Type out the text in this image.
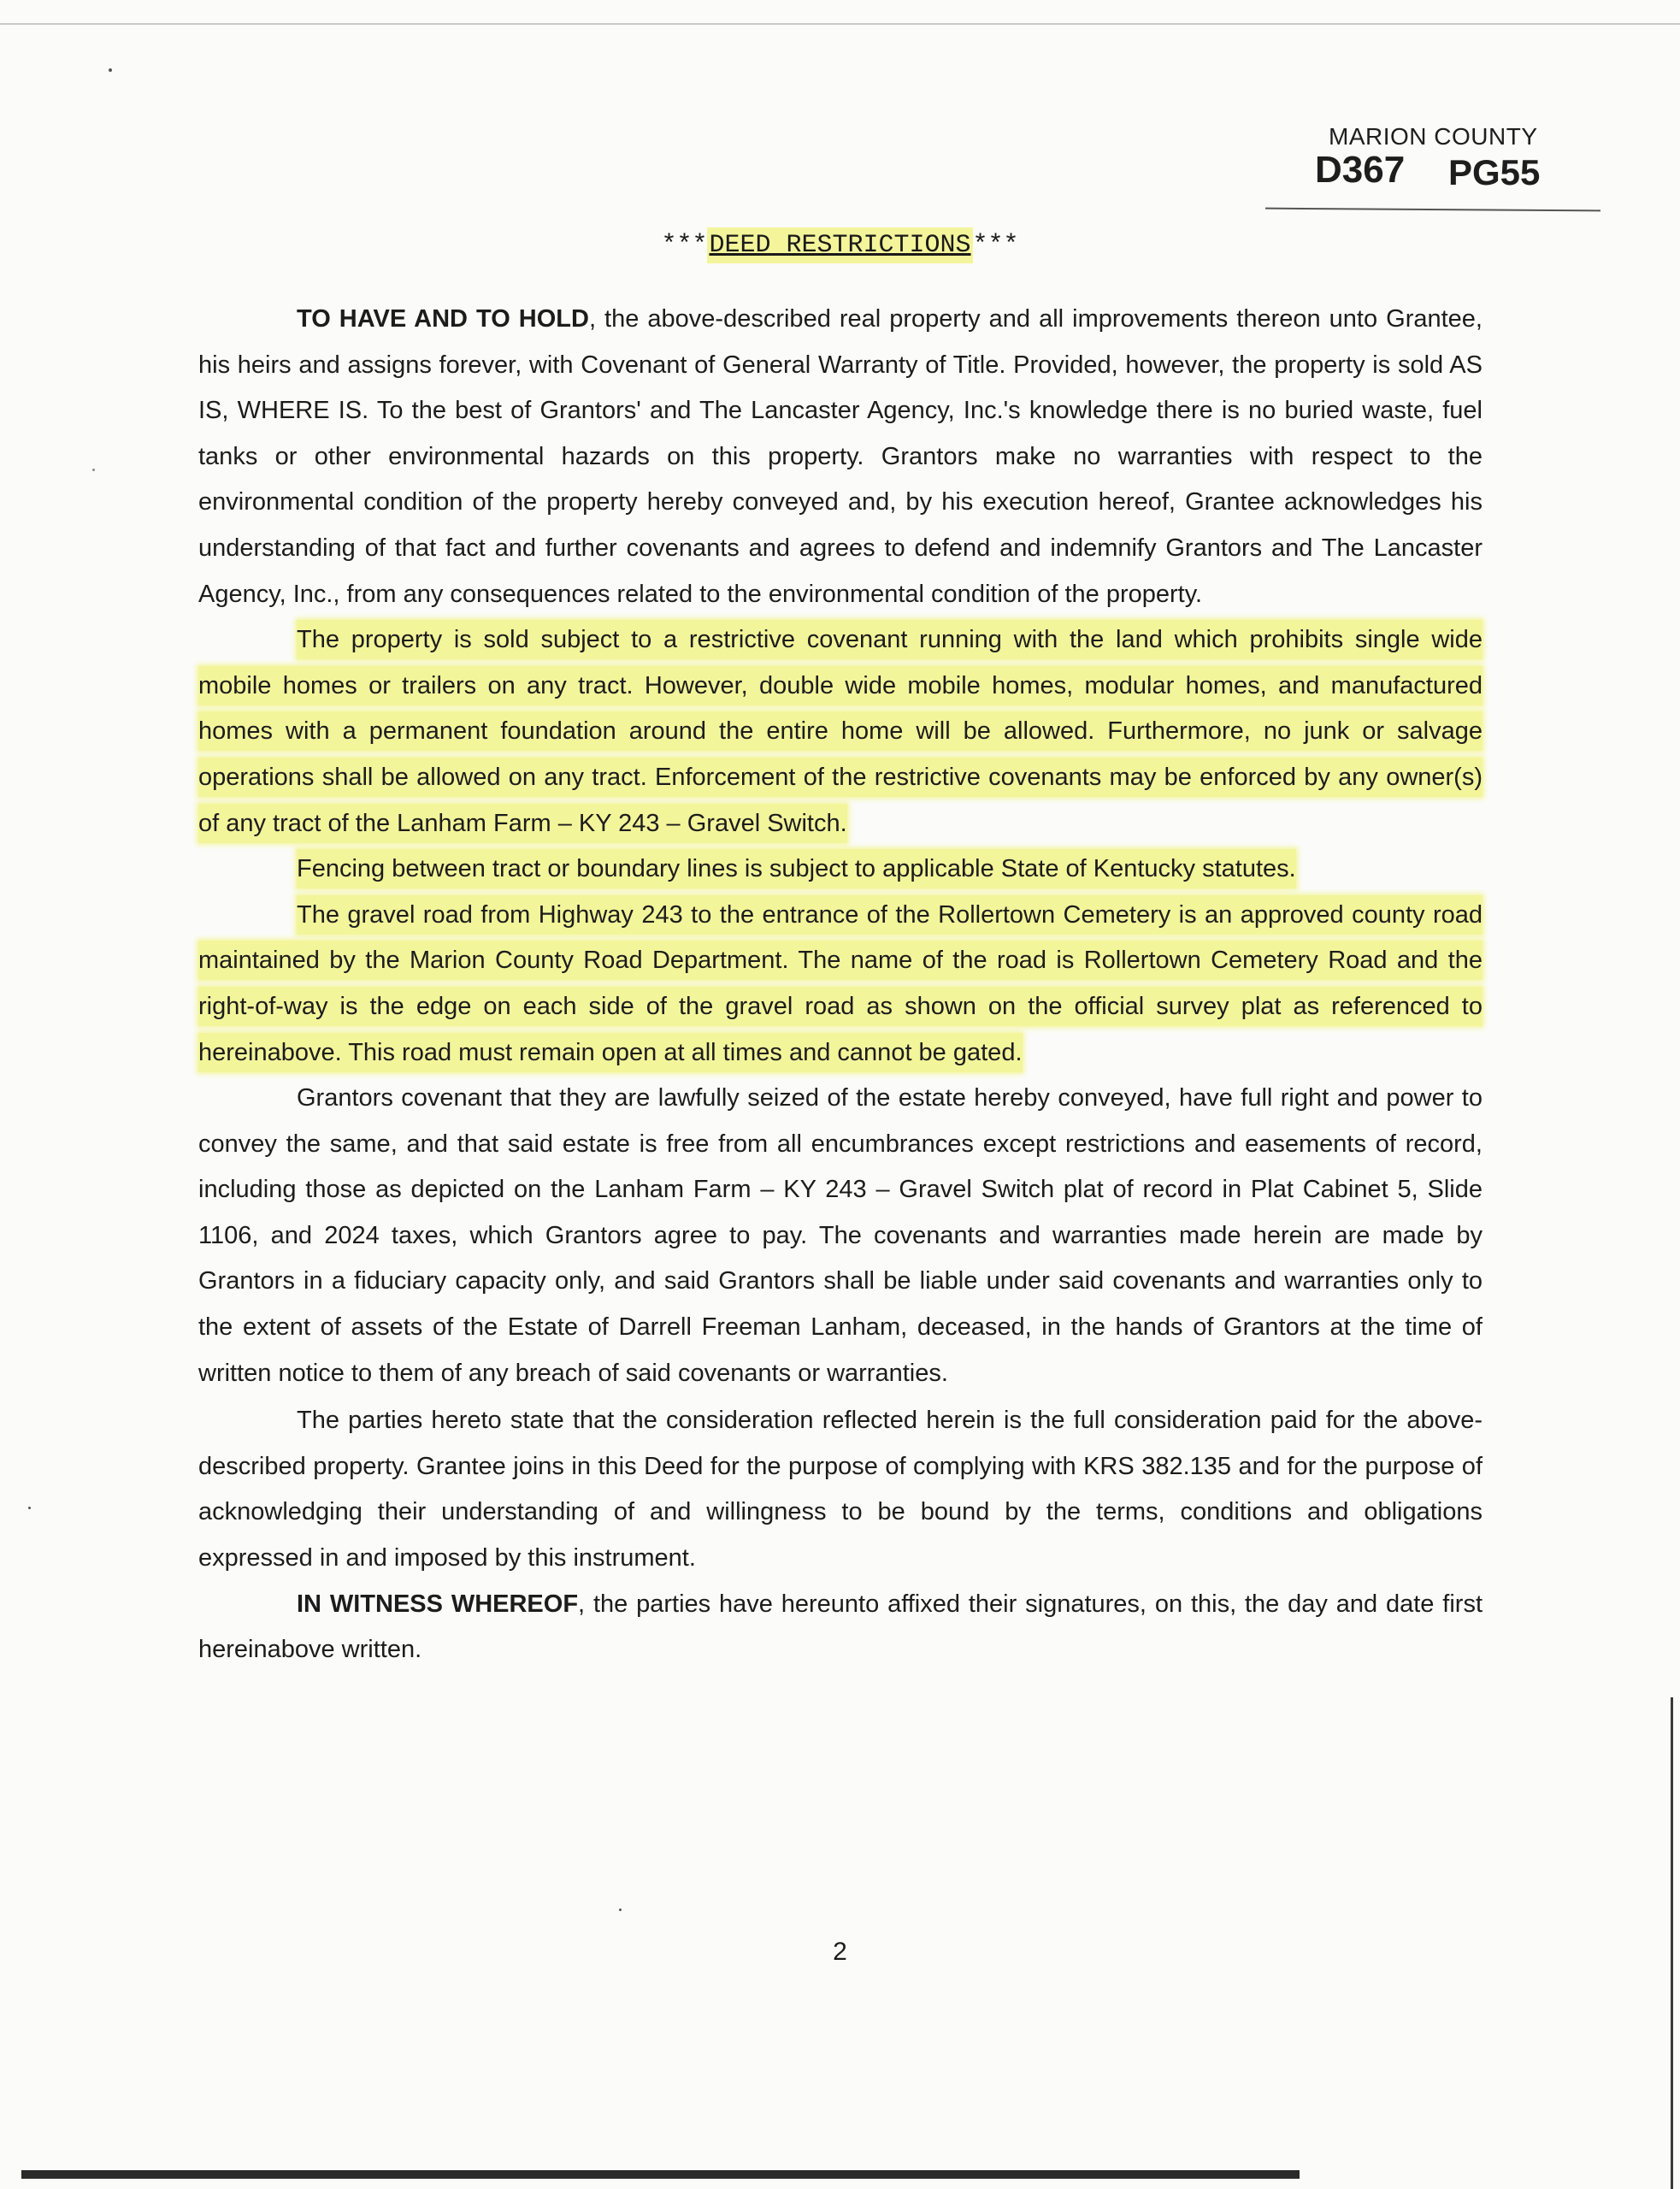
MARION COUNTY
D367 PG55
***DEED RESTRICTIONS***

TO HAVE AND TO HOLD, the above-described real property and all improvements thereon unto Grantee, his heirs and assigns forever, with Covenant of General Warranty of Title. Provided, however, the property is sold AS IS, WHERE IS. To the best of Grantors' and The Lancaster Agency, Inc.'s knowledge there is no buried waste, fuel tanks or other environmental hazards on this property. Grantors make no warranties with respect to the environmental condition of the property hereby conveyed and, by his execution hereof, Grantee acknowledges his understanding of that fact and further covenants and agrees to defend and indemnify Grantors and The Lancaster Agency, Inc., from any consequences related to the environmental condition of the property.

The property is sold subject to a restrictive covenant running with the land which prohibits single wide mobile homes or trailers on any tract. However, double wide mobile homes, modular homes, and manufactured homes with a permanent foundation around the entire home will be allowed. Furthermore, no junk or salvage operations shall be allowed on any tract. Enforcement of the restrictive covenants may be enforced by any owner(s) of any tract of the Lanham Farm – KY 243 – Gravel Switch.

Fencing between tract or boundary lines is subject to applicable State of Kentucky statutes.

The gravel road from Highway 243 to the entrance of the Rollertown Cemetery is an approved county road maintained by the Marion County Road Department. The name of the road is Rollertown Cemetery Road and the right-of-way is the edge on each side of the gravel road as shown on the official survey plat as referenced to hereinabove. This road must remain open at all times and cannot be gated.

Grantors covenant that they are lawfully seized of the estate hereby conveyed, have full right and power to convey the same, and that said estate is free from all encumbrances except restrictions and easements of record, including those as depicted on the Lanham Farm – KY 243 – Gravel Switch plat of record in Plat Cabinet 5, Slide 1106, and 2024 taxes, which Grantors agree to pay. The covenants and warranties made herein are made by Grantors in a fiduciary capacity only, and said Grantors shall be liable under said covenants and warranties only to the extent of assets of the Estate of Darrell Freeman Lanham, deceased, in the hands of Grantors at the time of written notice to them of any breach of said covenants or warranties.

The parties hereto state that the consideration reflected herein is the full consideration paid for the above-described property. Grantee joins in this Deed for the purpose of complying with KRS 382.135 and for the purpose of acknowledging their understanding of and willingness to be bound by the terms, conditions and obligations expressed in and imposed by this instrument.

IN WITNESS WHEREOF, the parties have hereunto affixed their signatures, on this, the day and date first hereinabove written.

2
